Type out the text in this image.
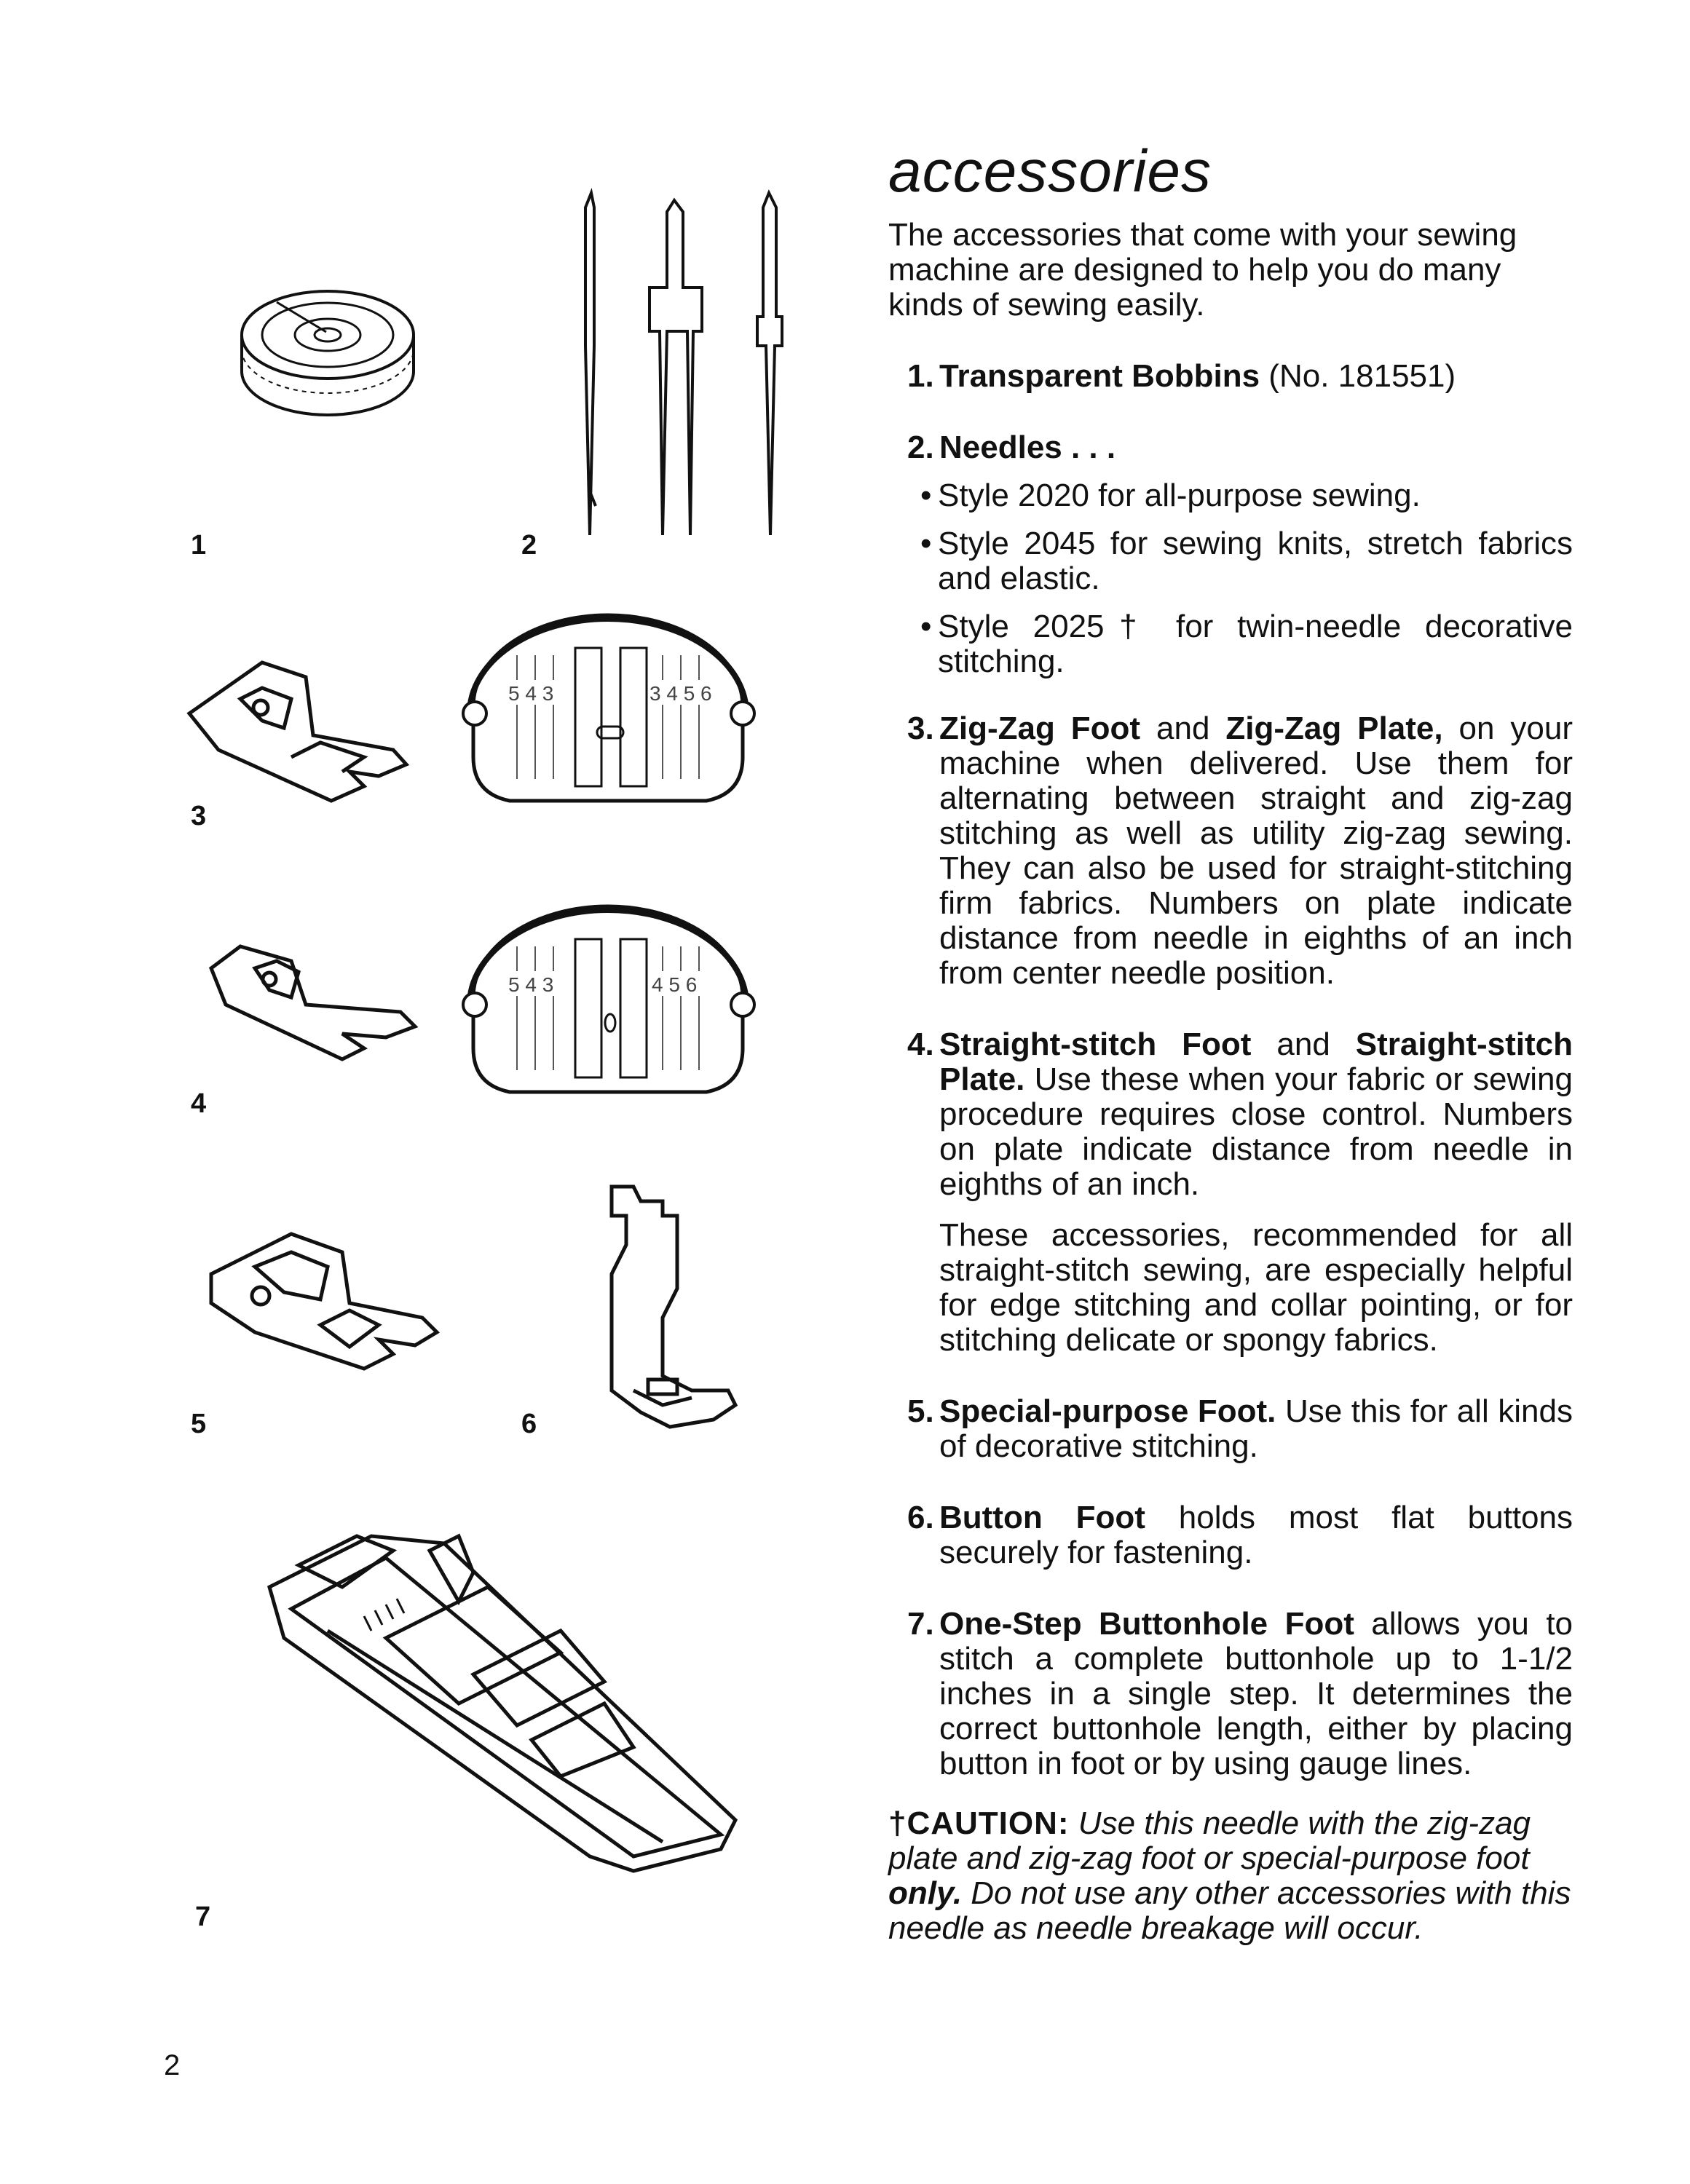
1	2
3
5 4 3	3 4 5 6
4
5 4 3	4 5 6
5	6
7
accessories

The accessories that come with your sewing machine are designed to help you do many kinds of sewing easily.

1. Transparent Bobbins (No. 181551)
2. Needles . . .
• Style 2020 for all-purpose sewing.
• Style 2045 for sewing knits, stretch fabrics and elastic.
• Style 2025† for twin-needle decorative stitching.
3. Zig-Zag Foot and Zig-Zag Plate, on your machine when delivered. Use them for alternating between straight and zig-zag stitching as well as utility zig-zag sewing. They can also be used for straight-stitching firm fabrics. Numbers on plate indicate distance from needle in eighths of an inch from center needle position.
4. Straight-stitch Foot and Straight-stitch Plate. Use these when your fabric or sewing procedure requires close control. Numbers on plate indicate distance from needle in eighths of an inch.

These accessories, recommended for all straight-stitch sewing, are especially helpful for edge stitching and collar pointing, or for stitching delicate or spongy fabrics.

5. Special-purpose Foot. Use this for all kinds of decorative stitching.
6. Button Foot holds most flat buttons securely for fastening.
7. One-Step Buttonhole Foot allows you to stitch a complete buttonhole up to 1-1/2 inches in a single step. It determines the correct buttonhole length, either by placing button in foot or by using gauge lines.

†CAUTION: Use this needle with the zig-zag plate and zig-zag foot or special-purpose foot only. Do not use any other accessories with this needle as needle breakage will occur.

2
